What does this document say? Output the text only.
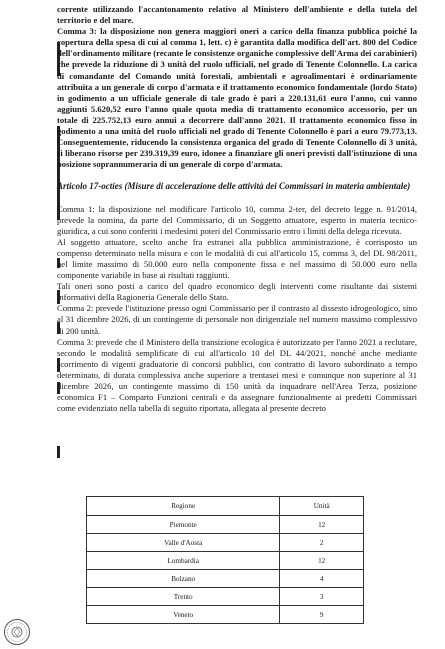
corrente utilizzando l'accantonamento relativo al Ministero dell'ambiente e della tutela del territorio e del mare.

Comma 3: la disposizione non genera maggiori oneri a carico della finanza pubblica poiché la copertura della spesa di cui al comma 1, lett. c) è garantita dalla modifica dell'art. 800 del Codice dell'ordinamento militare (recante le consistenze organiche complessive dell'Arma dei carabinieri) che prevede la riduzione di 3 unità del ruolo ufficiali, nel grado di Tenente Colonnello. La carica di comandante del Comando unità forestali, ambientali e agroalimentari è ordinariamente attribuita a un generale di corpo d'armata e il trattamento economico fondamentale (lordo Stato) in godimento a un ufficiale generale di tale grado è pari a 220.131,61 euro l'anno, cui vanno aggiunti 5.620,52 euro l'anno quale quota media di trattamento economico accessorio, per un totale di 225.752,13 euro annui a decorrere dall'anno 2021. Il trattamento economico fisso in godimento a una unità del ruolo ufficiali nel grado di Tenente Colonnello è pari a euro 79.773,13. Conseguentemente, riducendo la consistenza organica del grado di Tenente Colonnello di 3 unità, si liberano risorse per 239.319,39 euro, idonee a finanziare gli oneri previsti dall'istituzione di una posizione soprannumeraria di un generale di corpo d'armata.

Articolo 17-octies (Misure di accelerazione delle attività dei Commissari in materia ambientale)

Comma 1: la disposizione nel modificare l'articolo 10, comma 2-ter, del decreto legge n. 91/2014, prevede la nomina, da parte del Commissario, di un Soggetto attuatore, esperto in materia tecnico-giuridica, a cui sono conferiti i medesimi poteri del Commissario entro i limiti della delega ricevuta.

Al soggetto attuatore, scelto anche fra estranei alla pubblica amministrazione, è corrisposto un compenso determinato nella misura e con le modalità di cui all'articolo 15, comma 3, del DL 98/2011, nel limite massimo di 50.000 euro nella componente fissa e nel massimo di 50.000 euro nella componente variabile in base ai risultati raggiunti.

Tali oneri sono posti a carico del quadro economico degli interventi come risultante dai sistemi informativi della Ragioneria Generale dello Stato.

Comma 2: prevede l'istituzione presso ogni Commissario per il contrasto al dissesto idrogeologico, sino al 31 dicembre 2026, di un contingente di personale non dirigenziale nel numero massimo complessivo di 200 unità.

Comma 3: prevede che il Ministero della transizione ecologica è autorizzato per l'anno 2021 a reclutare, secondo le modalità semplificate di cui all'articolo 10 del DL 44/2021, nonché anche mediante scorrimento di vigenti graduatorie di concorsi pubblici, con contratto di lavoro subordinato a tempo determinato, di durata complessiva anche superiore a trentasei mesi e comunque non superiore al 31 dicembre 2026, un contingente massimo di 150 unità da inquadrare nell'Area Terza, posizione economica F1 – Comparto Funzioni centrali e da assegnare funzionalmente ai predetti Commissari come evidenziato nella tabella di seguito riportata, allegata al presente decreto

Regione	Unità
Piemonte	12
Valle d'Aosta	2
Lombardia	12
Bolzano	4
Trento	3
Veneto	9
